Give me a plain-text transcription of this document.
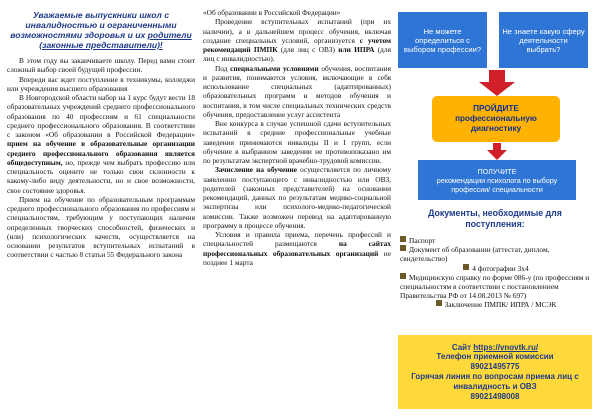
Уважаемые выпускники школ с инвалидностью и ограниченными возможностями здоровья и их родители (законные представители)!

В этом году вы заканчиваете школу. Перед вами стоит сложный выбор своей будущей профессии.

Впереди вас ждет поступление в техникумы, колледжи или учреждения высшего образования

В Новгородской области набор на 1 курс будут вести 18 образовательных учреждений среднего профессионального образования по 40 профессиям и 61 специальности среднего профессионального образования. В соответствии с законом «Об образовании в Российской Федерации» прием на обучение в образовательные организации среднего профессионального образования является общедоступным, но, прежде чем выбрать профессию или специальность оцените не только свои склонности к какому-либо виду деятельности, но и свое возможности, свое состояние здоровья.

Прием на обучение по образовательным программам среднего профессионального образования по профессиям и специальностям, требующим у поступающих наличия определенных творческих способностей, физических и (или) психологических качеств, осуществляется на основании результатов вступительных испытаний в соответствии с частью 8 статьи 55 Федерального закона

«Об образовании в Российской Федерации»

Проведение вступительных испытаний (при их наличии), а в дальнейшем процесс обучения, включая создание специальных условий, организуется с учетом рекомендаций ПМПК (для лиц с ОВЗ) или ИПРА (для лиц с инвалидностью).

Под специальными условиями обучения, воспитания и развития, понимаются условия, включающие в себя использование специальных (адаптированных) образовательных программ и методов обучения и воспитания, в том числе специальных технических средств обучения, предоставление услуг ассистента

Вне конкурса в случае успешной сдачи вступительных испытаний в средние профессиональные учебные заведения принимаются инвалиды II и I групп, если обучение в выбранном заведении не противопоказано им по результатам экспертной врачебно-трудовой комиссии.

Зачисление на обучение осуществляется по личному заявлению поступающего с инвалидностью или ОВЗ, родителей (законных представителей) на основании рекомендаций, данных по результатам медико-социальной экспертизы или психолого-медико-педагогической комиссии. Также возможен перевод на адаптированную программу в процессе обучения.

Условия и правила приема, перечень профессий и специальностей размещаются	на сайтах профессиональных образовательных организаций не позднее 1 марта

Не можете определиться с выбором профессии?
Не знаете какую сферу деятельности выбрать?
ПРОЙДИТЕ профессиональную диагностику
ПОЛУЧИТЕ
рекомендации психолога по выбору профессии/ специальности
Документы, необходимые для поступления:
Паспорт
Документ об образовании (аттестат, диплом, свидетельство)
4 фотографии 3х4
Медицинскую справку по форме 086-у (по профессиям и специальностям в соответствии с постановлением Правительства РФ от 14.08.2013 № 697)
Заключение ПМПК/ ИПРА / МСЭК
Сайт https://vnovtk.ru/
Телефон приемной комиссии
89021495775
Горячая линия по вопросам приема лиц с инвалидность и ОВЗ
89021498008
